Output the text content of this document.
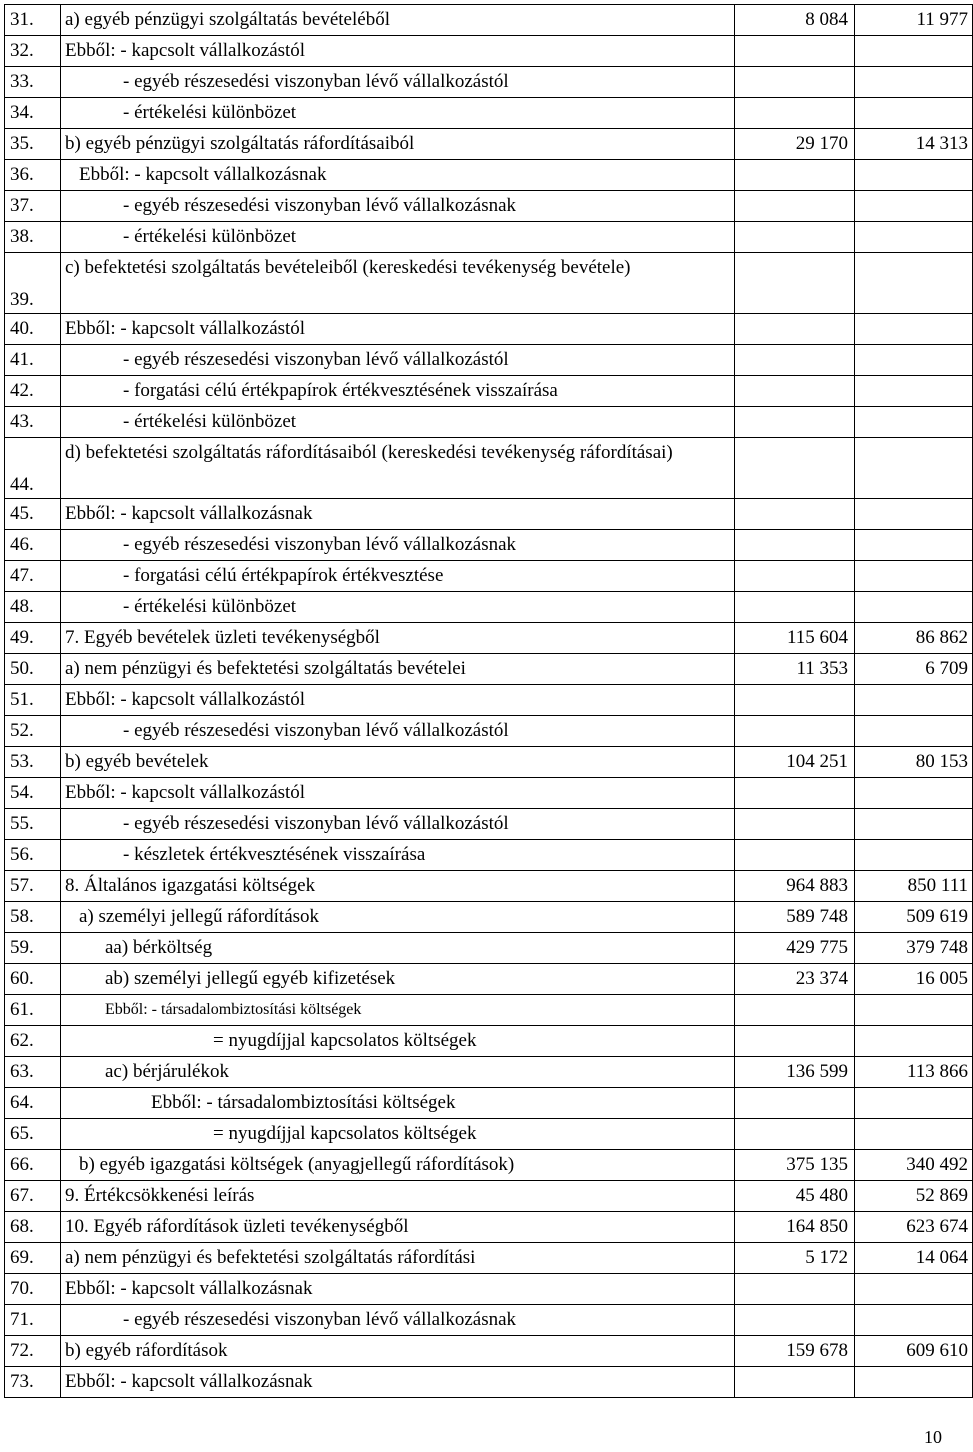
31.	a) egyéb pénzügyi szolgáltatás bevételéből	8 084	11 977
32.	Ebből: - kapcsolt vállalkozástól		
33.	- egyéb részesedési viszonyban lévő vállalkozástól		
34.	- értékelési különbözet		
35.	b) egyéb pénzügyi szolgáltatás ráfordításaiból	29 170	14 313
36.	Ebből: - kapcsolt vállalkozásnak		
37.	- egyéb részesedési viszonyban lévő vállalkozásnak		
38.	- értékelési különbözet		
39.	c) befektetési szolgáltatás bevételeiből (kereskedési tevékenység bevétele)		
40.	Ebből: - kapcsolt vállalkozástól		
41.	- egyéb részesedési viszonyban lévő vállalkozástól		
42.	- forgatási célú értékpapírok értékvesztésének visszaírása		
43.	- értékelési különbözet		
44.	d) befektetési szolgáltatás ráfordításaiból (kereskedési tevékenység ráfordításai)		
45.	Ebből: - kapcsolt vállalkozásnak		
46.	- egyéb részesedési viszonyban lévő vállalkozásnak		
47.	- forgatási célú értékpapírok értékvesztése		
48.	- értékelési különbözet		
49.	7. Egyéb bevételek üzleti tevékenységből	115 604	86 862
50.	a) nem pénzügyi és befektetési szolgáltatás bevételei	11 353	6 709
51.	Ebből: - kapcsolt vállalkozástól		
52.	- egyéb részesedési viszonyban lévő vállalkozástól		
53.	b) egyéb bevételek	104 251	80 153
54.	Ebből: - kapcsolt vállalkozástól		
55.	- egyéb részesedési viszonyban lévő vállalkozástól		
56.	- készletek értékvesztésének visszaírása		
57.	8. Általános igazgatási költségek	964 883	850 111
58.	a) személyi jellegű ráfordítások	589 748	509 619
59.	aa) bérköltség	429 775	379 748
60.	ab) személyi jellegű egyéb kifizetések	23 374	16 005
61.	Ebből: - társadalombiztosítási költségek		
62.	= nyugdíjjal kapcsolatos költségek		
63.	ac) bérjárulékok	136 599	113 866
64.	Ebből: - társadalombiztosítási költségek		
65.	= nyugdíjjal kapcsolatos költségek		
66.	b) egyéb igazgatási költségek (anyagjellegű ráfordítások)	375 135	340 492
67.	9. Értékcsökkenési leírás	45 480	52 869
68.	10. Egyéb ráfordítások üzleti tevékenységből	164 850	623 674
69.	a) nem pénzügyi és befektetési szolgáltatás ráfordítási	5 172	14 064
70.	Ebből: - kapcsolt vállalkozásnak		
71.	- egyéb részesedési viszonyban lévő vállalkozásnak		
72.	b) egyéb ráfordítások	159 678	609 610
73.	Ebből: - kapcsolt vállalkozásnak		
10
